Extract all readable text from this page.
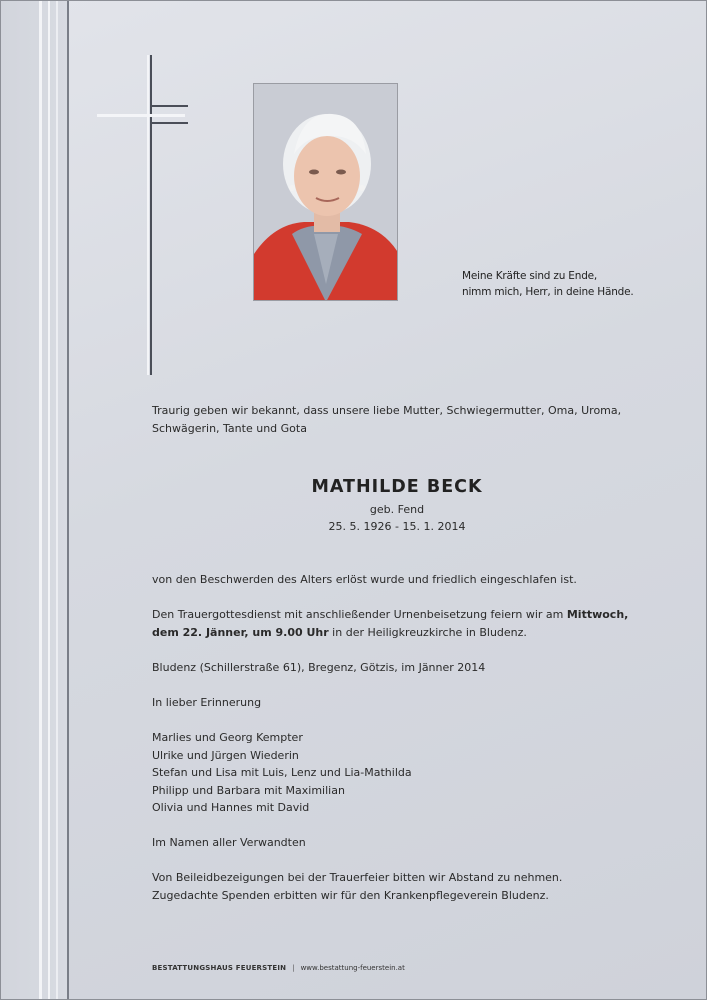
Meine Kräfte sind zu Ende,
nimm mich, Herr, in deine Hände.
Traurig geben wir bekannt, dass unsere liebe Mutter, Schwiegermutter, Oma, Uroma,
Schwägerin, Tante und Gota
MATHILDE BECK
geb. Fend
25. 5. 1926 - 15. 1. 2014
von den Beschwerden des Alters erlöst wurde und friedlich eingeschlafen ist.
Den Trauergottesdienst mit anschließender Urnenbeisetzung feiern wir am Mittwoch,
dem 22. Jänner, um 9.00 Uhr in der Heiligkreuzkirche in Bludenz.
Bludenz (Schillerstraße 61), Bregenz, Götzis, im Jänner 2014
In lieber Erinnerung
Marlies und Georg Kempter
Ulrike und Jürgen Wiederin
Stefan und Lisa mit Luis, Lenz und Lia-Mathilda
Philipp und Barbara mit Maximilian
Olivia und Hannes mit David
Im Namen aller Verwandten
Von Beileidbezeigungen bei der Trauerfeier bitten wir Abstand zu nehmen.
Zugedachte Spenden erbitten wir für den Krankenpflegeverein Bludenz.
BESTATTUNGSHAUS FEUERSTEIN | www.bestattung-feuerstein.at
